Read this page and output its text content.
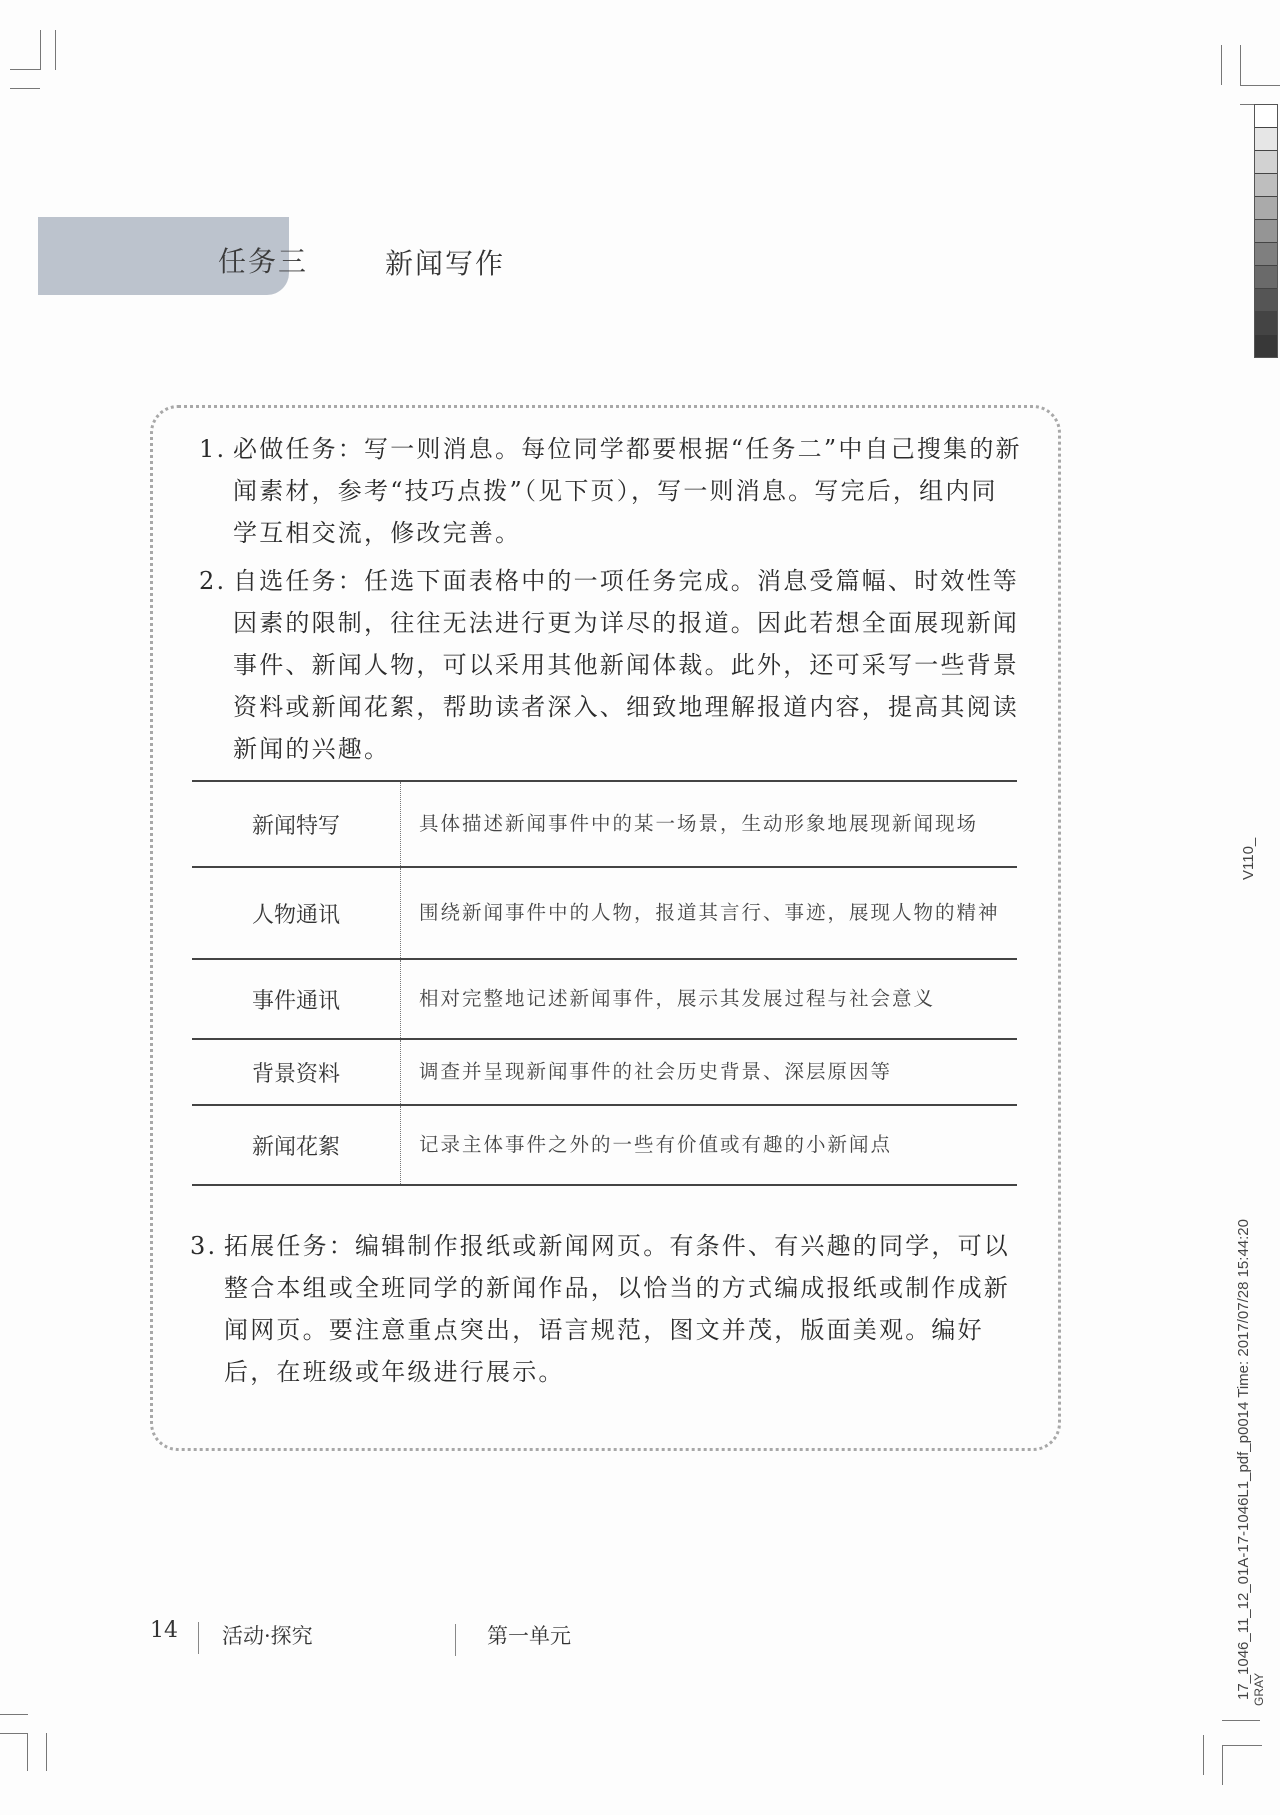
任务三	新闻写作
1. 必做任务：写一则消息。每位同学都要根据“任务二”中自己搜集的新闻素材，参考“技巧点拨”（见下页），写一则消息。写完后，组内同学互相交流，修改完善。
2. 自选任务：任选下面表格中的一项任务完成。消息受篇幅、时效性等因素的限制，往往无法进行更为详尽的报道。因此若想全面展现新闻事件、新闻人物，可以采用其他新闻体裁。此外，还可采写一些背景资料或新闻花絮，帮助读者深入、细致地理解报道内容，提高其阅读新闻的兴趣。
新闻特写	具体描述新闻事件中的某一场景，生动形象地展现新闻现场
人物通讯	围绕新闻事件中的人物，报道其言行、事迹，展现人物的精神
事件通讯	相对完整地记述新闻事件，展示其发展过程与社会意义
背景资料	调查并呈现新闻事件的社会历史背景、深层原因等
新闻花絮	记录主体事件之外的一些有价值或有趣的小新闻点
3. 拓展任务：编辑制作报纸或新闻网页。有条件、有兴趣的同学，可以整合本组或全班同学的新闻作品，以恰当的方式编成报纸或制作成新闻网页。要注意重点突出，语言规范，图文并茂，版面美观。编好后，在班级或年级进行展示。
14 活动·探究	第一单元
V110_
17_1046_11_12_01A-17-1046L1_pdf_p0014 Time: 2017/07/28 15:44:20 GRAY
